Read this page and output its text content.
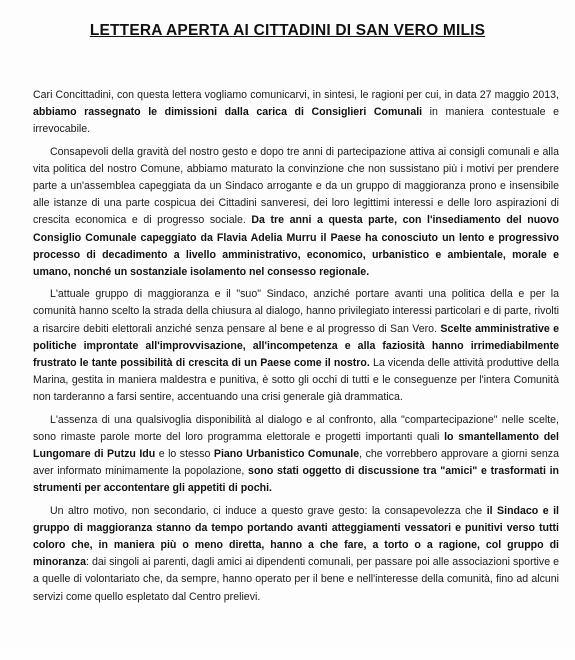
LETTERA APERTA AI CITTADINI DI SAN VERO MILIS

Cari Concittadini, con questa lettera vogliamo comunicarvi, in sintesi, le ragioni per cui, in data 27 maggio 2013, abbiamo rassegnato le dimissioni dalla carica di Consiglieri Comunali in maniera contestuale e irrevocabile.

Consapevoli della gravità del nostro gesto e dopo tre anni di partecipazione attiva ai consigli comunali e alla vita politica del nostro Comune, abbiamo maturato la convinzione che non sussistano più i motivi per prendere parte a un'assemblea capeggiata da un Sindaco arrogante e da un gruppo di maggioranza prono e insensibile alle istanze di una parte cospicua dei Cittadini sanveresi, dei loro legittimi interessi e delle loro aspirazioni di crescita economica e di progresso sociale. Da tre anni a questa parte, con l'insediamento del nuovo Consiglio Comunale capeggiato da Flavia Adelia Murru il Paese ha conosciuto un lento e progressivo processo di decadimento a livello amministrativo, economico, urbanistico e ambientale, morale e umano, nonché un sostanziale isolamento nel consesso regionale.

L'attuale gruppo di maggioranza e il "suo" Sindaco, anziché portare avanti una politica della e per la comunità hanno scelto la strada della chiusura al dialogo, hanno privilegiato interessi particolari e di parte, rivolti a risarcire debiti elettorali anziché senza pensare al bene e al progresso di San Vero. Scelte amministrative e politiche improntate all'improvvisazione, all'incompetenza e alla faziosità hanno irrimediabilmente frustrato le tante possibilità di crescita di un Paese come il nostro. La vicenda delle attività produttive della Marina, gestita in maniera maldestra e punitiva, è sotto gli occhi di tutti e le conseguenze per l'intera Comunità non tarderanno a farsi sentire, accentuando una crisi generale già drammatica.

L'assenza di una qualsivoglia disponibilità al dialogo e al confronto, alla "compartecipazione" nelle scelte, sono rimaste parole morte del loro programma elettorale e progetti importanti quali lo smantellamento del Lungomare di Putzu Idu e lo stesso Piano Urbanistico Comunale, che vorrebbero approvare a giorni senza aver informato minimamente la popolazione, sono stati oggetto di discussione tra "amici" e trasformati in strumenti per accontentare gli appetiti di pochi.

Un altro motivo, non secondario, ci induce a questo grave gesto: la consapevolezza che il Sindaco e il gruppo di maggioranza stanno da tempo portando avanti atteggiamenti vessatori e punitivi verso tutti coloro che, in maniera più o meno diretta, hanno a che fare, a torto o a ragione, col gruppo di minoranza: dai singoli ai parenti, dagli amici ai dipendenti comunali, per passare poi alle associazioni sportive e a quelle di volontariato che, da sempre, hanno operato per il bene e nell'interesse della comunità, fino ad alcuni servizi come quello espletato dal Centro prelievi.
